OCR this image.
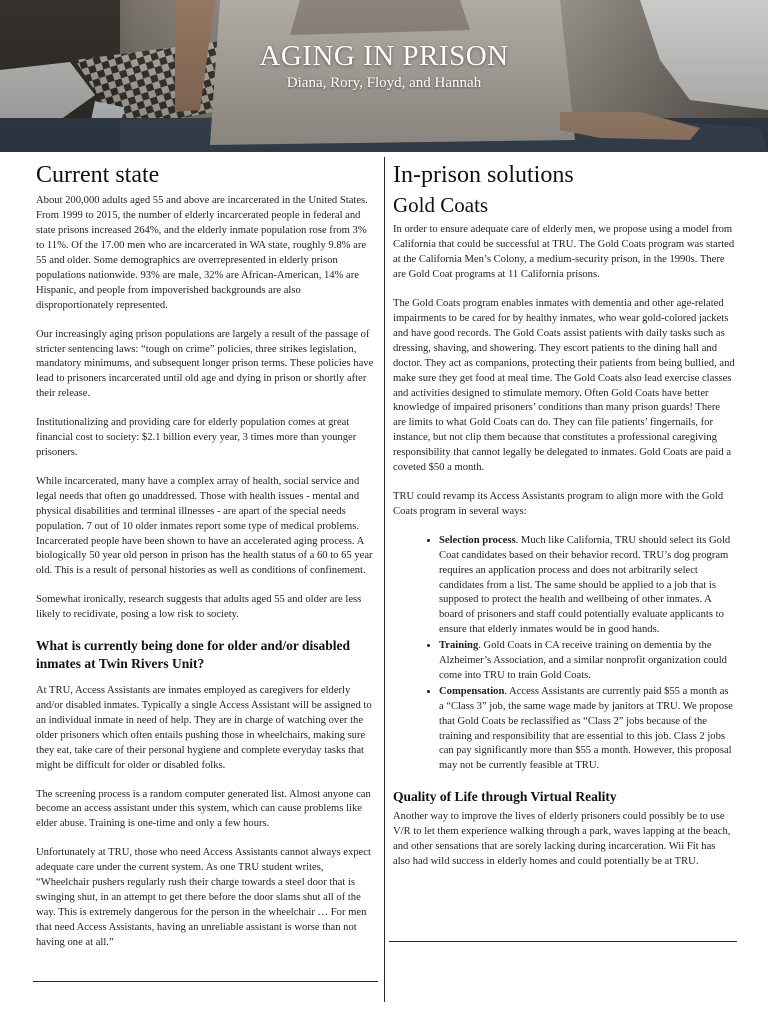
AGING IN PRISON
Diana, Rory, Floyd, and Hannah
Current state

About 200,000 adults aged 55 and above are incarcerated in the United States. From 1999 to 2015, the number of elderly incarcerated people in federal and state prisons increased 264%, and the elderly inmate population rose from 3% to 11%. Of the 17.00 men who are incarcerated in WA state, roughly 9.8% are 55 and older. Some demographics are overrepresented in elderly prison populations nationwide. 93% are male, 32% are African-American, 14% are Hispanic, and people from impoverished backgrounds are also disproportionately represented.

Our increasingly aging prison populations are largely a result of the passage of stricter sentencing laws: “tough on crime” policies, three strikes legislation, mandatory minimums, and subsequent longer prison terms. These policies have lead to prisoners incarcerated until old age and dying in prison or shortly after their release.

Institutionalizing and providing care for elderly population comes at great financial cost to society: $2.1 billion every year, 3 times more than younger prisoners.

While incarcerated, many have a complex array of health, social service and legal needs that often go unaddressed. Those with health issues - mental and physical disabilities and terminal illnesses - are apart of the special needs population. 7 out of 10 older inmates report some type of medical problems. Incarcerated people have been shown to have an accelerated aging process. A biologically 50 year old person in prison has the health status of a 60 to 65 year old. This is a result of personal histories as well as conditions of confinement.

Somewhat ironically, research suggests that adults aged 55 and older are less likely to recidivate, posing a low risk to society.

What is currently being done for older and/or disabled inmates at Twin Rivers Unit?

At TRU, Access Assistants are inmates employed as caregivers for elderly and/or disabled inmates. Typically a single Access Assistant will be assigned to an individual inmate in need of help. They are in charge of watching over the older prisoners which often entails pushing those in wheelchairs, making sure they eat, take care of their personal hygiene and complete everyday tasks that might be difficult for older or disabled folks.

The screening process is a random computer generated list. Almost anyone can become an access assistant under this system, which can cause problems like elder abuse. Training is one-time and only a few hours.

Unfortunately at TRU, those who need Access Assistants cannot always expect adequate care under the current system. As one TRU student writes, “Wheelchair pushers regularly rush their charge towards a steel door that is swinging shut, in an attempt to get there before the door slams shut all of the way. This is extremely dangerous for the person in the wheelchair … For men that need Access Assistants, having an unreliable assistant is worse than not having one at all.”

In-prison solutions
Gold Coats

In order to ensure adequate care of elderly men, we propose using a model from California that could be successful at TRU. The Gold Coats program was started at the California Men’s Colony, a medium-security prison, in the 1990s. There are Gold Coat programs at 11 California prisons.

The Gold Coats program enables inmates with dementia and other age-related impairments to be cared for by healthy inmates, who wear gold-colored jackets and have good records. The Gold Coats assist patients with daily tasks such as dressing, shaving, and showering. They escort patients to the dining hall and doctor. They act as companions, protecting their patients from being bullied, and make sure they get food at meal time. The Gold Coats also lead exercise classes and activities designed to stimulate memory. Often Gold Coats have better knowledge of impaired prisoners’ conditions than many prison guards! There are limits to what Gold Coats can do. They can file patients’ fingernails, for instance, but not clip them because that constitutes a professional caregiving responsibility that cannot legally be delegated to inmates. Gold Coats are paid a coveted $50 a month.

TRU could revamp its Access Assistants program to align more with the Gold Coats program in several ways:

• Selection process. Much like California, TRU should select its Gold Coat candidates based on their behavior record. TRU’s dog program requires an application process and does not arbitrarily select candidates from a list. The same should be applied to a job that is supposed to protect the health and wellbeing of other inmates. A board of prisoners and staff could potentially evaluate applicants to ensure that elderly inmates would be in good hands.
• Training. Gold Coats in CA receive training on dementia by the Alzheimer’s Association, and a similar nonprofit organization could come into TRU to train Gold Coats.
• Compensation. Access Assistants are currently paid $55 a month as a “Class 3” job, the same wage made by janitors at TRU. We propose that Gold Coats be reclassified as “Class 2” jobs because of the training and responsibility that are essential to this job. Class 2 jobs can pay significantly more than $55 a month. However, this proposal may not be currently feasible at TRU.
Quality of Life through Virtual Reality

Another way to improve the lives of elderly prisoners could possibly be to use V/R to let them experience walking through a park, waves lapping at the beach, and other sensations that are sorely lacking during incarceration. Wii Fit has also had wild success in elderly homes and could potentially be at TRU.
